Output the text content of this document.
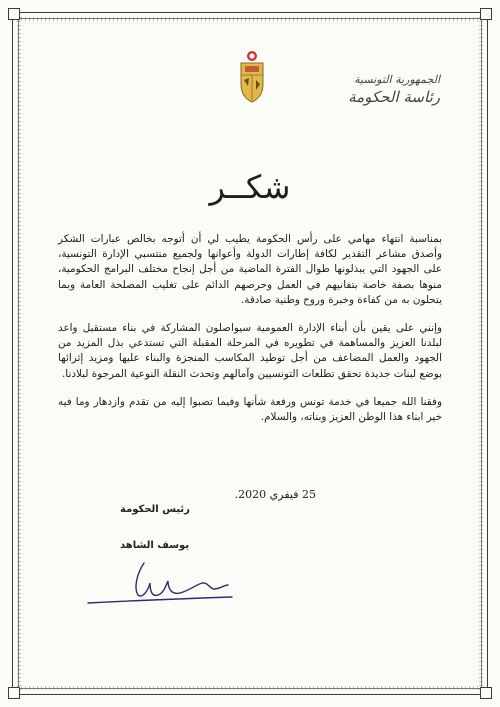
الجمهورية التونسية
رئاسة الحكومة
شكــر

بمناسبة انتهاء مهامي على رأس الحكومة يطيب لي أن أتوجه بخالص عبارات الشكر وأصدق مشاعر التقدير لكافة إطارات الدولة وأعوانها ولجميع منتسبي الإدارة التونسية، على الجهود التي يبذلونها طوال الفترة الماضية من أجل إنجاح مختلف البرامج الحكومية، منوها بصفة خاصة بتفانيهم في العمل وحرصهم الدائم على تغليب المصلحة العامة وبما يتحلون به من كفاءة وخبرة وروح وطنية صادقة.

وإنني على يقين بأن أبناء الإدارة العمومية سيواصلون المشاركة في بناء مستقبل واعد لبلدنا العزيز والمساهمة في تطويره في المرحلة المقبلة التي تستدعي بذل المزيد من الجهود والعمل المضاعف من أجل توطيد المكاسب المنجزة والبناء عليها ومزيد إثرائها بوضع لبنات جديدة تحقق تطلعات التونسيين وآمالهم وتحدث النقلة النوعية المرجوة لبلادنا.

وفقنا الله جميعا في خدمة تونس ورفعة شأنها وفيما تصبوا إليه من تقدم وازدهار وما فيه خير ابناء هذا الوطن العزيز وبناته، والسلام.

25 فيفري 2020.
رئيس الحكومة
يوسف الشاهد
